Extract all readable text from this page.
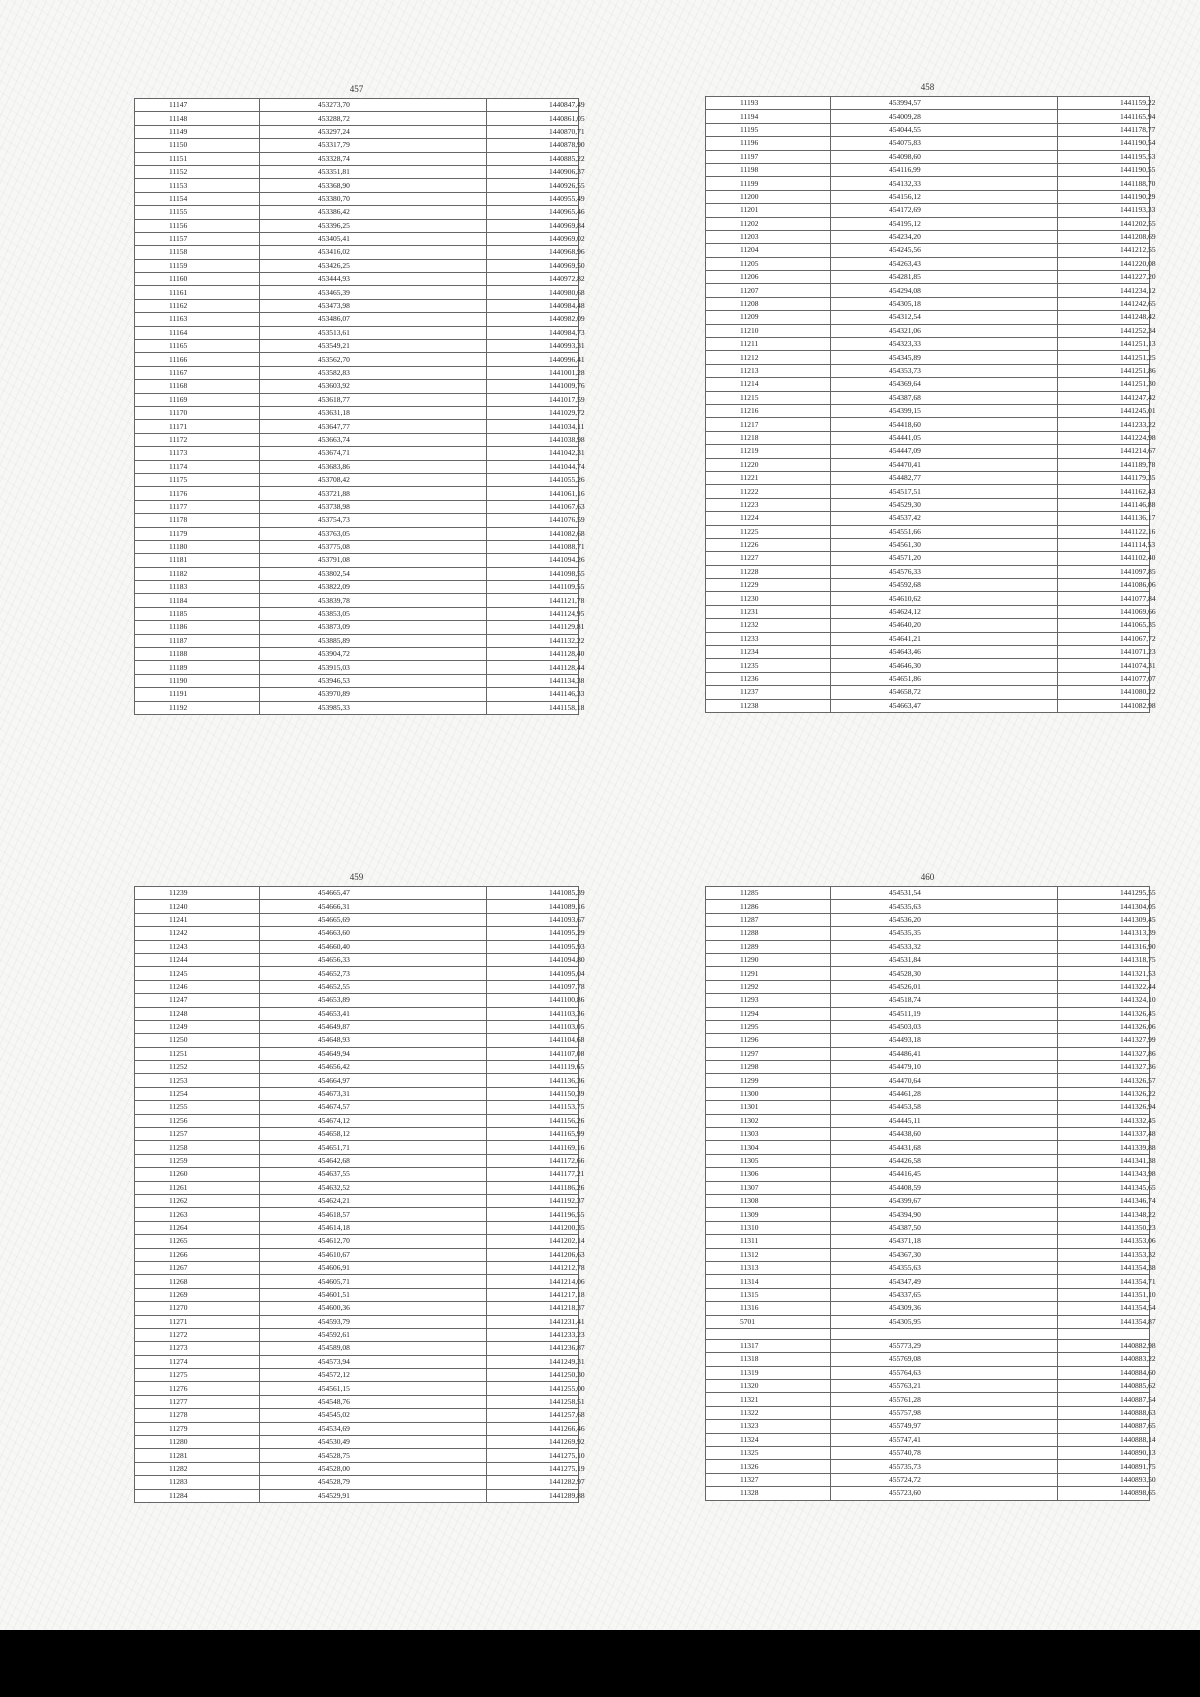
457
11147	453273,70	1440847,49
11148	453288,72	1440861,05
11149	453297,24	1440870,71
11150	453317,79	1440878,90
11151	453328,74	1440885,22
11152	453351,81	1440906,37
11153	453368,90	1440926,55
11154	453380,70	1440955,49
11155	453386,42	1440965,46
11156	453396,25	1440969,84
11157	453405,41	1440969,02
11158	453416,02	1440968,96
11159	453426,25	1440969,50
11160	453444,93	1440972,82
11161	453465,39	1440980,68
11162	453473,98	1440984,48
11163	453486,07	1440982,09
11164	453513,61	1440984,73
11165	453549,21	1440993,31
11166	453562,70	1440996,41
11167	453582,83	1441001,28
11168	453603,92	1441009,76
11169	453618,77	1441017,59
11170	453631,18	1441029,72
11171	453647,77	1441034,11
11172	453663,74	1441038,98
11173	453674,71	1441042,31
11174	453683,86	1441044,74
11175	453708,42	1441055,26
11176	453721,88	1441061,16
11177	453738,98	1441067,63
11178	453754,73	1441076,59
11179	453763,05	1441082,68
11180	453775,08	1441088,71
11181	453791,08	1441094,26
11182	453802,54	1441098,55
11183	453822,09	1441109,55
11184	453839,78	1441121,78
11185	453853,05	1441124,95
11186	453873,09	1441129,81
11187	453885,89	1441132,22
11188	453904,72	1441128,40
11189	453915,03	1441128,44
11190	453946,53	1441134,38
11191	453970,89	1441146,33
11192	453985,33	1441158,18
458
11193	453994,57	1441159,22
11194	454009,28	1441165,94
11195	454044,55	1441178,77
11196	454075,83	1441190,54
11197	454098,60	1441195,53
11198	454116,99	1441190,55
11199	454132,33	1441188,70
11200	454156,12	1441190,29
11201	454172,69	1441193,33
11202	454195,12	1441202,55
11203	454234,20	1441208,69
11204	454245,56	1441212,55
11205	454263,43	1441220,08
11206	454281,85	1441227,20
11207	454294,08	1441234,12
11208	454305,18	1441242,65
11209	454312,54	1441248,42
11210	454321,06	1441252,34
11211	454323,33	1441251,13
11212	454345,89	1441251,25
11213	454353,73	1441251,86
11214	454369,64	1441251,30
11215	454387,68	1441247,42
11216	454399,15	1441245,01
11217	454418,60	1441233,22
11218	454441,05	1441224,98
11219	454447,09	1441214,67
11220	454470,41	1441189,78
11221	454482,77	1441179,35
11222	454517,51	1441162,43
11223	454529,30	1441146,88
11224	454537,42	1441136,17
11225	454551,66	1441122,16
11226	454561,30	1441114,53
11227	454571,20	1441102,40
11228	454576,33	1441097,85
11229	454592,68	1441086,06
11230	454610,62	1441077,84
11231	454624,12	1441069,66
11232	454640,20	1441065,35
11233	454641,21	1441067,72
11234	454643,46	1441071,23
11235	454646,30	1441074,31
11236	454651,86	1441077,07
11237	454658,72	1441080,22
11238	454663,47	1441082,98
459
11239	454665,47	1441085,39
11240	454666,31	1441089,16
11241	454665,69	1441093,67
11242	454663,60	1441095,29
11243	454660,40	1441095,93
11244	454656,33	1441094,80
11245	454652,73	1441095,04
11246	454652,55	1441097,78
11247	454653,89	1441100,86
11248	454653,41	1441103,36
11249	454649,87	1441103,05
11250	454648,93	1441104,68
11251	454649,94	1441107,08
11252	454656,42	1441119,65
11253	454664,97	1441136,36
11254	454673,31	1441150,39
11255	454674,57	1441153,75
11256	454674,12	1441156,26
11257	454658,12	1441165,99
11258	454651,71	1441169,16
11259	454642,68	1441172,66
11260	454637,55	1441177,21
11261	454632,52	1441186,26
11262	454624,21	1441192,37
11263	454618,57	1441196,55
11264	454614,18	1441200,35
11265	454612,70	1441202,14
11266	454610,67	1441206,63
11267	454606,91	1441212,78
11268	454605,71	1441214,06
11269	454601,51	1441217,18
11270	454600,36	1441218,37
11271	454593,79	1441231,41
11272	454592,61	1441233,23
11273	454589,08	1441236,87
11274	454573,94	1441249,31
11275	454572,12	1441250,30
11276	454561,15	1441255,00
11277	454548,76	1441258,51
11278	454545,02	1441257,68
11279	454534,69	1441266,46
11280	454530,49	1441269,92
11281	454528,75	1441275,10
11282	454528,00	1441275,19
11283	454528,79	1441282,97
11284	454529,91	1441289,88
460
11285	454531,54	1441295,55
11286	454535,63	1441304,05
11287	454536,20	1441309,45
11288	454535,35	1441313,39
11289	454533,32	1441316,90
11290	454531,84	1441318,75
11291	454528,30	1441321,53
11292	454526,01	1441322,44
11293	454518,74	1441324,10
11294	454511,19	1441326,45
11295	454503,03	1441326,06
11296	454493,18	1441327,99
11297	454486,41	1441327,86
11298	454479,10	1441327,36
11299	454470,64	1441326,57
11300	454461,28	1441326,22
11301	454453,58	1441326,94
11302	454445,11	1441332,45
11303	454438,60	1441337,48
11304	454431,68	1441339,88
11305	454426,58	1441341,38
11306	454416,45	1441343,98
11307	454408,59	1441345,65
11308	454399,67	1441346,74
11309	454394,90	1441348,22
11310	454387,50	1441350,23
11311	454371,18	1441353,06
11312	454367,30	1441353,32
11313	454355,63	1441354,38
11314	454347,49	1441354,71
11315	454337,65	1441351,10
11316	454309,36	1441354,54
5701	454305,95	1441354,87

11317	455773,29	1440882,98
11318	455769,08	1440883,22
11319	455764,63	1440884,60
11320	455763,21	1440885,62
11321	455761,28	1440887,54
11322	455757,98	1440888,63
11323	455749,97	1440887,65
11324	455747,41	1440888,14
11325	455740,78	1440890,13
11326	455735,73	1440891,75
11327	455724,72	1440893,50
11328	455723,60	1440898,65
